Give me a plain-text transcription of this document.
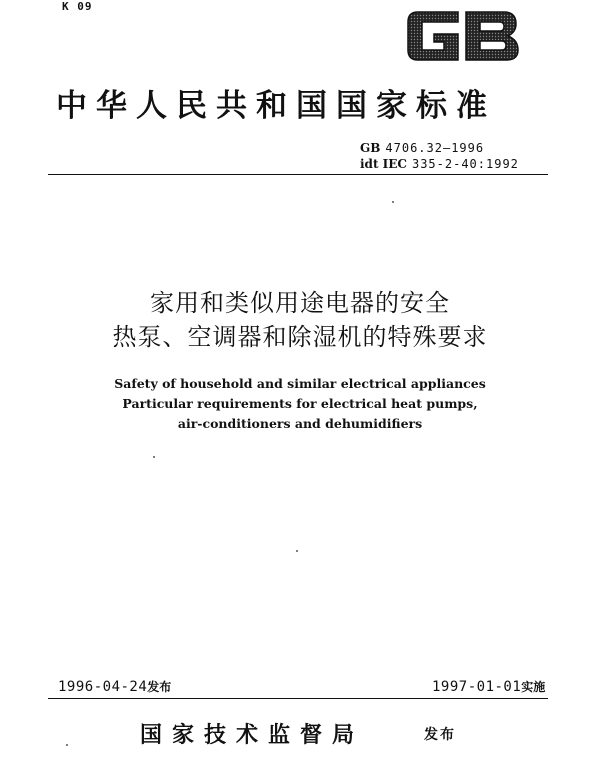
K 09
GB
中华人民共和国国家标准
GB 4706.32—1996
idt IEC 335-2-40:1992
家用和类似用途电器的安全
热泵、空调器和除湿机的特殊要求
Safety of household and similar electrical appliances
Particular requirements for electrical heat pumps,
air-conditioners and dehumidifiers
1996-04-24发布	1997-01-01实施
国家技术监督局	发布
